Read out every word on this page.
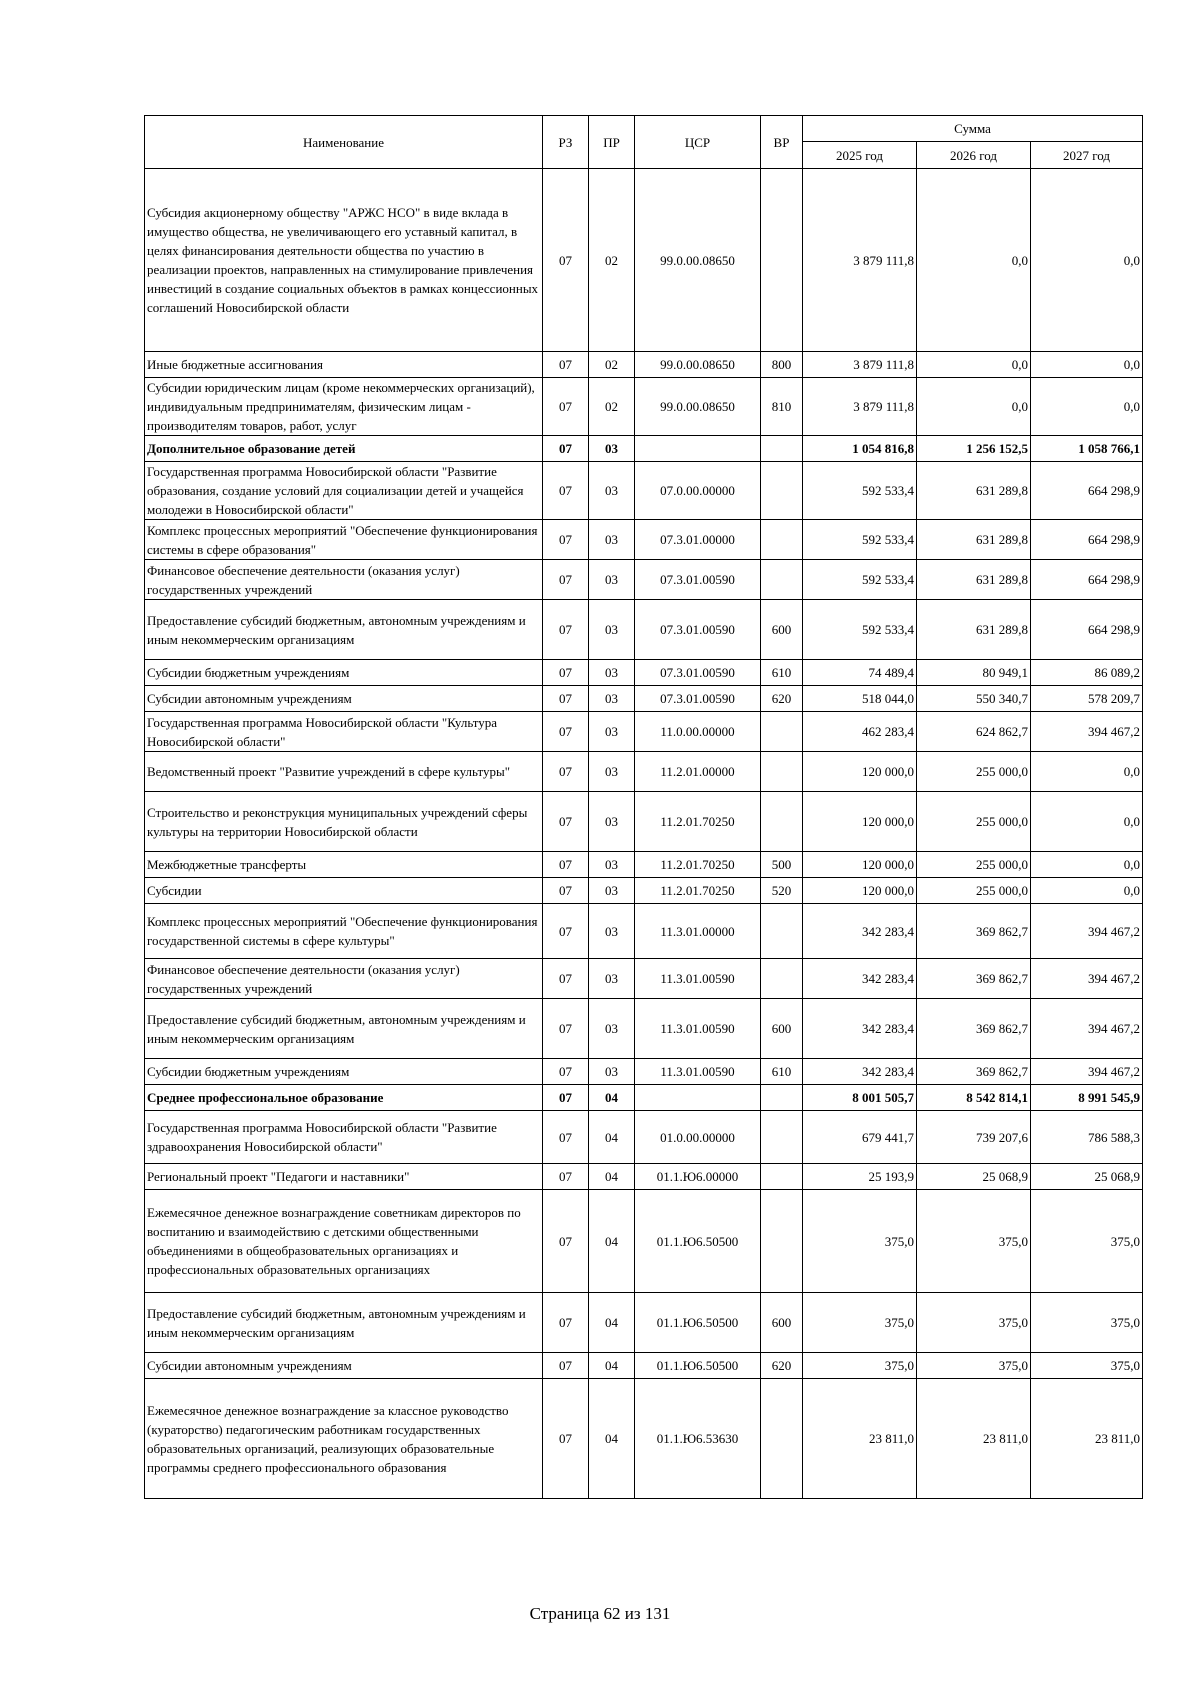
Наименование	РЗ	ПР	ЦСР	ВР	Сумма		
					2025 год	2026 год	2027 год
Субсидия акционерному обществу "АРЖС НСО" в виде вклада в имущество общества, не увеличивающего его уставный капитал, в целях финансирования деятельности общества по участию в реализации проектов, направленных на стимулирование привлечения инвестиций в создание социальных объектов в рамках концессионных соглашений Новосибирской области	07	02	99.0.00.08650		3 879 111,8	0,0	0,0
Иные бюджетные ассигнования	07	02	99.0.00.08650	800	3 879 111,8	0,0	0,0
Субсидии юридическим лицам (кроме некоммерческих организаций), индивидуальным предпринимателям, физическим лицам - производителям товаров, работ, услуг	07	02	99.0.00.08650	810	3 879 111,8	0,0	0,0
Дополнительное образование детей	07	03			1 054 816,8	1 256 152,5	1 058 766,1
Государственная программа Новосибирской области "Развитие образования, создание условий для социализации детей и учащейся молодежи в Новосибирской области"	07	03	07.0.00.00000		592 533,4	631 289,8	664 298,9
Комплекс процессных мероприятий "Обеспечение функционирования системы в сфере образования"	07	03	07.3.01.00000		592 533,4	631 289,8	664 298,9
Финансовое обеспечение деятельности (оказания услуг) государственных учреждений	07	03	07.3.01.00590		592 533,4	631 289,8	664 298,9
Предоставление субсидий бюджетным, автономным учреждениям и иным некоммерческим организациям	07	03	07.3.01.00590	600	592 533,4	631 289,8	664 298,9
Субсидии бюджетным учреждениям	07	03	07.3.01.00590	610	74 489,4	80 949,1	86 089,2
Субсидии автономным учреждениям	07	03	07.3.01.00590	620	518 044,0	550 340,7	578 209,7
Государственная программа Новосибирской области "Культура Новосибирской области"	07	03	11.0.00.00000		462 283,4	624 862,7	394 467,2
Ведомственный проект "Развитие учреждений в сфере культуры"	07	03	11.2.01.00000		120 000,0	255 000,0	0,0
Строительство и реконструкция муниципальных учреждений сферы культуры на территории Новосибирской области	07	03	11.2.01.70250		120 000,0	255 000,0	0,0
Межбюджетные трансферты	07	03	11.2.01.70250	500	120 000,0	255 000,0	0,0
Субсидии	07	03	11.2.01.70250	520	120 000,0	255 000,0	0,0
Комплекс процессных мероприятий "Обеспечение функционирования государственной системы в сфере культуры"	07	03	11.3.01.00000		342 283,4	369 862,7	394 467,2
Финансовое обеспечение деятельности (оказания услуг) государственных учреждений	07	03	11.3.01.00590		342 283,4	369 862,7	394 467,2
Предоставление субсидий бюджетным, автономным учреждениям и иным некоммерческим организациям	07	03	11.3.01.00590	600	342 283,4	369 862,7	394 467,2
Субсидии бюджетным учреждениям	07	03	11.3.01.00590	610	342 283,4	369 862,7	394 467,2
Среднее профессиональное образование	07	04			8 001 505,7	8 542 814,1	8 991 545,9
Государственная программа Новосибирской области "Развитие здравоохранения Новосибирской области"	07	04	01.0.00.00000		679 441,7	739 207,6	786 588,3
Региональный проект "Педагоги и наставники"	07	04	01.1.Ю6.00000		25 193,9	25 068,9	25 068,9
Ежемесячное денежное вознаграждение советникам директоров по воспитанию и взаимодействию с детскими общественными объединениями в общеобразовательных организациях и профессиональных образовательных организациях	07	04	01.1.Ю6.50500		375,0	375,0	375,0
Предоставление субсидий бюджетным, автономным учреждениям и иным некоммерческим организациям	07	04	01.1.Ю6.50500	600	375,0	375,0	375,0
Субсидии автономным учреждениям	07	04	01.1.Ю6.50500	620	375,0	375,0	375,0
Ежемесячное денежное вознаграждение за классное руководство (кураторство) педагогическим работникам государственных образовательных организаций, реализующих образовательные программы среднего профессионального образования	07	04	01.1.Ю6.53630		23 811,0	23 811,0	23 811,0
Страница 62 из 131
